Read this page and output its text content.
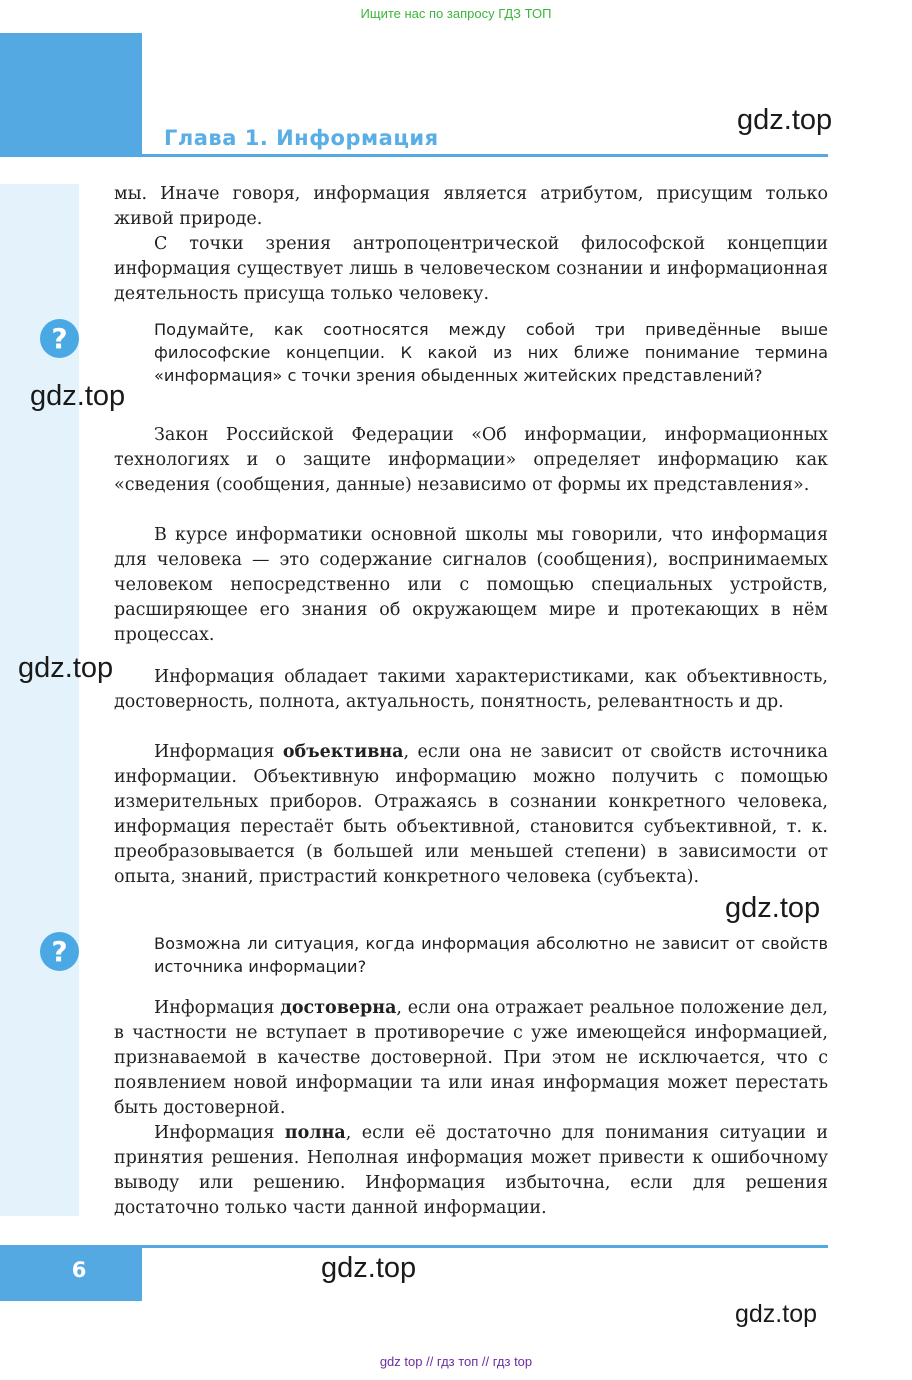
Ищите нас по запросу ГДЗ ТОП
Глава 1. Информация
gdz.top
gdz.top
gdz.top
gdz.top
gdz.top
gdz.top
?
?

мы. Иначе говоря, информация является атрибутом, присущим только живой природе.

С точки зрения антропоцентрической философской концепции информация существует лишь в человеческом сознании и информационная деятельность присуща только человеку.

Подумайте, как соотносятся между собой три приведённые выше философские концепции. К какой из них ближе понимание термина «информация» с точки зрения обыденных житейских представлений?

Закон Российской Федерации «Об информации, информационных технологиях и о защите информации» определяет информацию как «сведения (сообщения, данные) независимо от формы их представления».

В курсе информатики основной школы мы говорили, что информация для человека — это содержание сигналов (сообщения), воспринимаемых человеком непосредственно или с помощью специальных устройств, расширяющее его знания об окружающем мире и протекающих в нём процессах.

Информация обладает такими характеристиками, как объективность, достоверность, полнота, актуальность, понятность, релевантность и др.

Информация объективна, если она не зависит от свойств источника информации. Объективную информацию можно получить с помощью измерительных приборов. Отражаясь в сознании конкретного человека, информация перестаёт быть объективной, становится субъективной, т. к. преобразовывается (в большей или меньшей степени) в зависимости от опыта, знаний, пристрастий конкретного человека (субъекта).

Возможна ли ситуация, когда информация абсолютно не зависит от свойств источника информации?

Информация достоверна, если она отражает реальное положение дел, в частности не вступает в противоречие с уже имеющейся информацией, признаваемой в качестве достоверной. При этом не исключается, что с появлением новой информации та или иная информация может перестать быть достоверной.

Информация полна, если её достаточно для понимания ситуации и принятия решения. Неполная информация может привести к ошибочному выводу или решению. Информация избыточна, если для решения достаточно только части данной информации.

6
gdz top // гдз топ // гдз top
